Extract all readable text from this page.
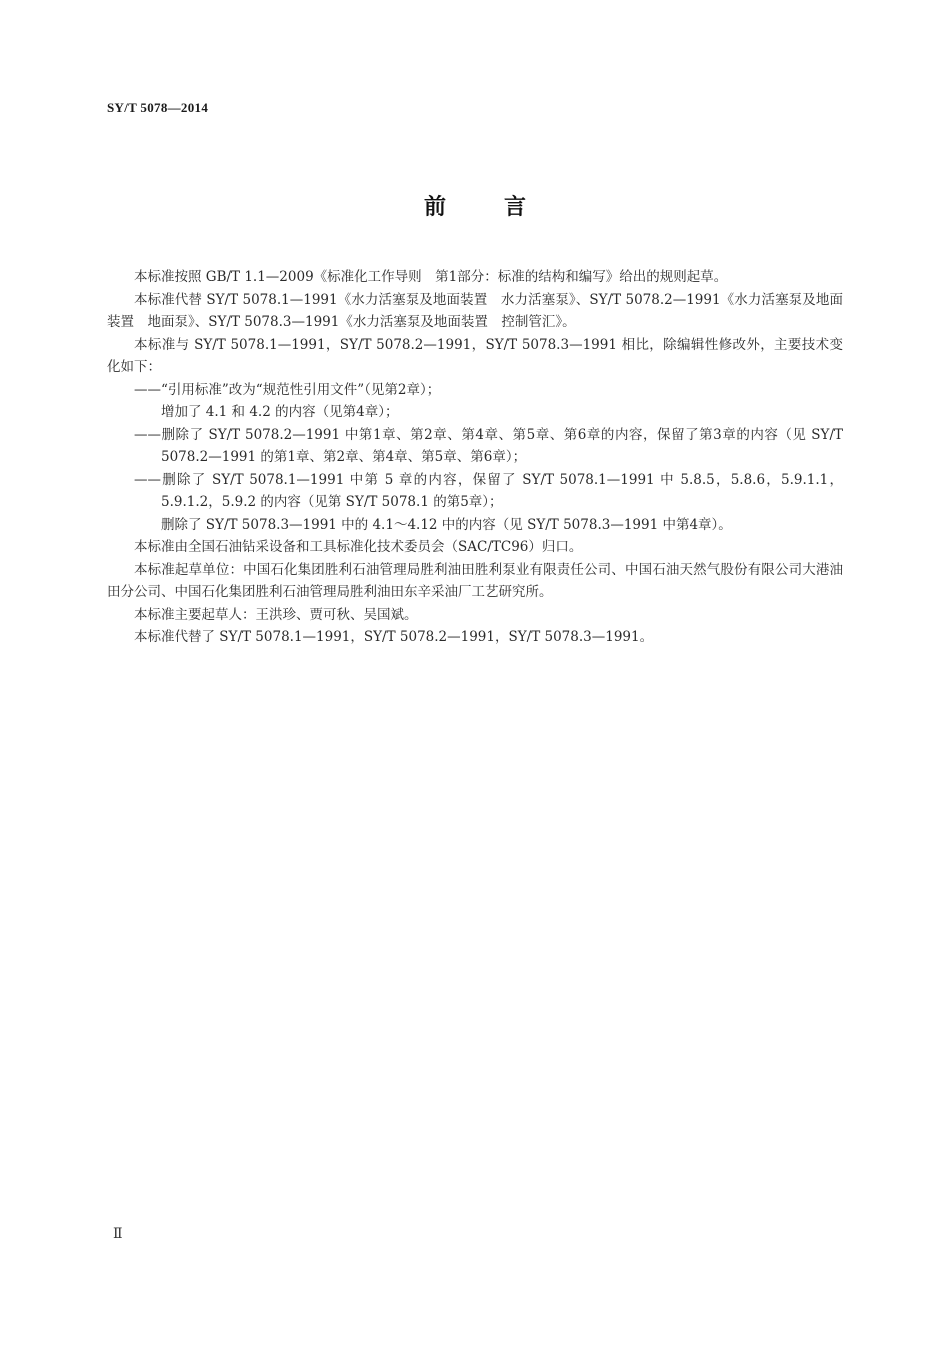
SY/T 5078—2014
前言

本标准按照 GB/T 1.1—2009《标准化工作导则　第1部分：标准的结构和编写》给出的规则起草。

本标准代替 SY/T 5078.1—1991《水力活塞泵及地面装置　水力活塞泵》、SY/T 5078.2—1991《水力活塞泵及地面装置　地面泵》、SY/T 5078.3—1991《水力活塞泵及地面装置　控制管汇》。

本标准与 SY/T 5078.1—1991，SY/T 5078.2—1991，SY/T 5078.3—1991 相比，除编辑性修改外，主要技术变化如下：

——“引用标准”改为“规范性引用文件”（见第2章）；

增加了 4.1 和 4.2 的内容（见第4章）；

——删除了 SY/T 5078.2—1991 中第1章、第2章、第4章、第5章、第6章的内容，保留了第3章的内容（见 SY/T 5078.2—1991 的第1章、第2章、第4章、第5章、第6章）；

——删除了 SY/T 5078.1—1991 中第 5 章的内容，保留了 SY/T 5078.1—1991 中 5.8.5，5.8.6，5.9.1.1，5.9.1.2，5.9.2 的内容（见第 SY/T 5078.1 的第5章）；

删除了 SY/T 5078.3—1991 中的 4.1～4.12 中的内容（见 SY/T 5078.3—1991 中第4章）。

本标准由全国石油钻采设备和工具标准化技术委员会（SAC/TC96）归口。

本标准起草单位：中国石化集团胜利石油管理局胜利油田胜利泵业有限责任公司、中国石油天然气股份有限公司大港油田分公司、中国石化集团胜利石油管理局胜利油田东辛采油厂工艺研究所。

本标准主要起草人：王洪珍、贾可秋、吴国斌。

本标准代替了 SY/T 5078.1—1991，SY/T 5078.2—1991，SY/T 5078.3—1991。

Ⅱ
